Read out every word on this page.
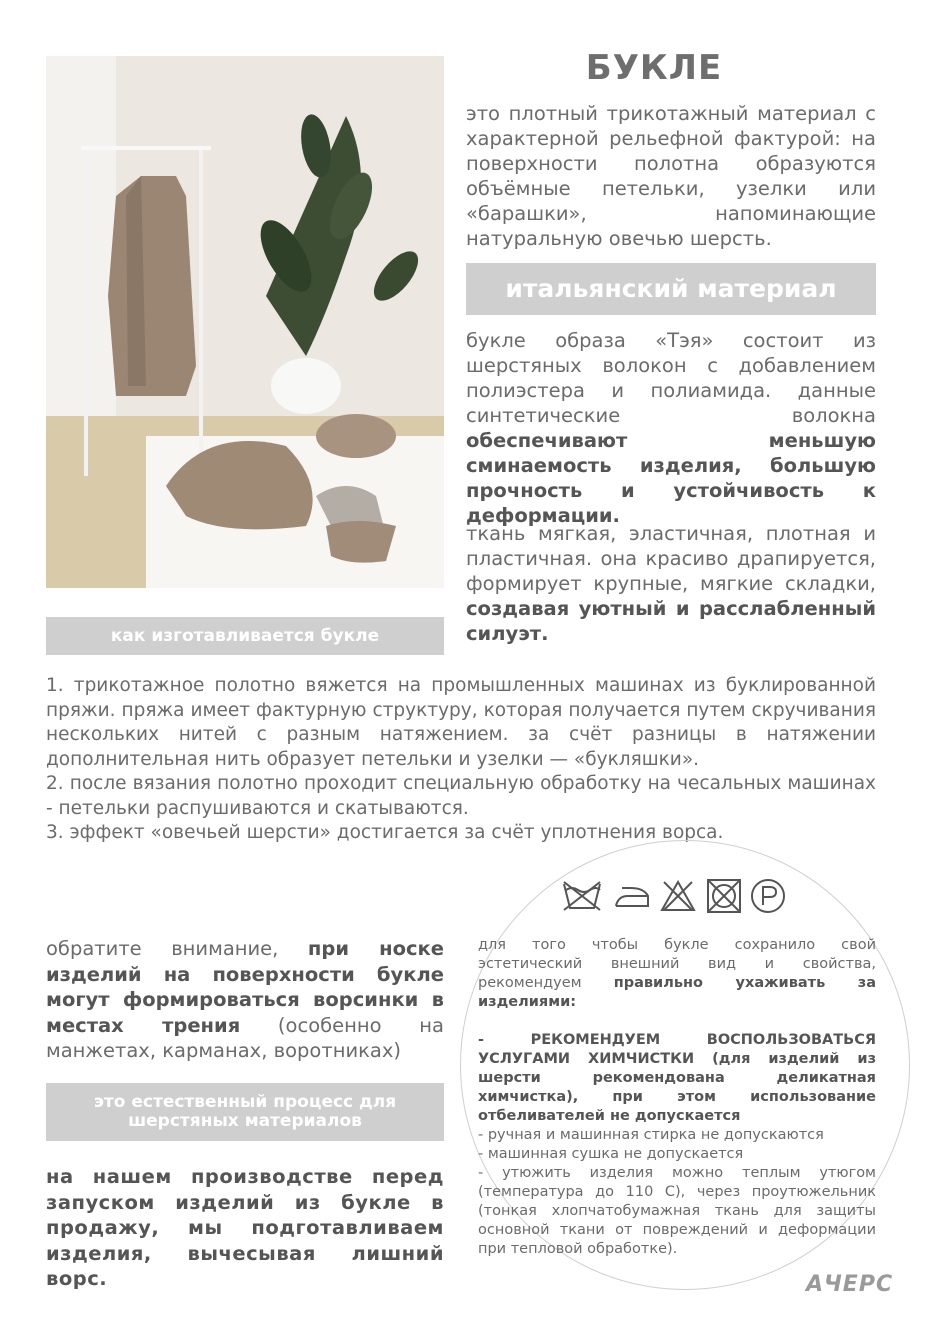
БУКЛЕ
это плотный трикотажный материал с характерной рельефной фактурой: на поверхности полотна образуются объёмные петельки, узелки или «барашки», напоминающие натуральную овечью шерсть.
итальянский материал
букле образа «Тэя» состоит из шерстяных волокон с добавлением полиэстера и полиамида. данные синтетические волокна обеспечивают меньшую сминаемость изделия, большую прочность и устойчивость к деформации.
ткань мягкая, эластичная, плотная и пластичная. она красиво драпируется, формирует крупные, мягкие складки, создавая уютный и расслабленный силуэт.
как изготавливается букле

1. трикотажное полотно вяжется на промышленных машинах из буклированной пряжи. пряжа имеет фактурную структуру, которая получается путем скручивания нескольких нитей с разным натяжением. за счёт разницы в натяжении дополнительная нить образует петельки и узелки — «букляшки».

2. после вязания полотно проходит специальную обработку на чесальных машинах - петельки распушиваются и скатываются.

3. эффект «овечьей шерсти» достигается за счёт уплотнения ворса.

для того чтобы букле сохранило свой эстетический внешний вид и свойства, рекомендуем правильно ухаживать за изделиями:

- РЕКОМЕНДУЕМ ВОСПОЛЬЗОВАТЬСЯ УСЛУГАМИ ХИМЧИСТКИ (для изделий из шерсти рекомендована деликатная химчистка), при этом использование отбеливателей не допускается

- ручная и машинная стирка не допускаются

- машинная сушка не допускается

- утюжить изделия можно теплым утюгом (температура до 110 С), через проутюжельник (тонкая хлопчатобумажная ткань для защиты основной ткани от повреждений и деформации при тепловой обработке).

обратите внимание, при носке изделий на поверхности букле могут формироваться ворсинки в местах трения (особенно на манжетах, карманах, воротниках)
это естественный процесс для шерстяных материалов
на нашем производстве перед запуском изделий из букле в продажу, мы подготавливаем изделия, вычесывая лишний ворс.	АЧЕРС
